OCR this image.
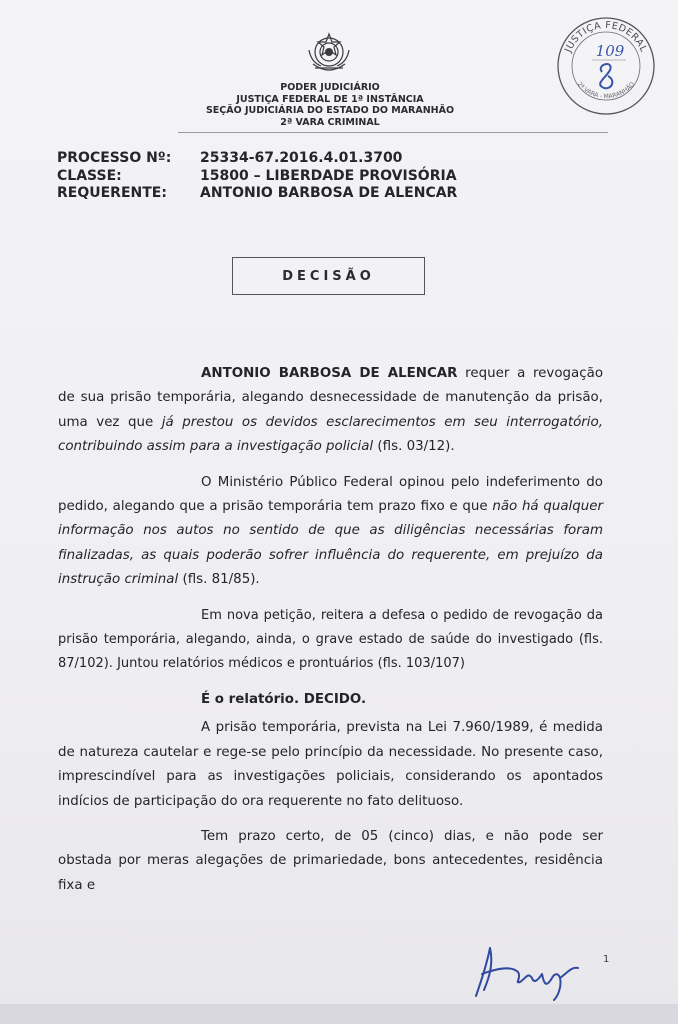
PODER JUDICIÁRIO
JUSTIÇA FEDERAL DE 1ª INSTÂNCIA
SEÇÃO JUDICIÁRIA DO ESTADO DO MARANHÃO
2ª VARA CRIMINAL
JUSTIÇA FEDERAL
2ª VARA - MARANHÃO
109
PROCESSO Nº:	25334-67.2016.4.01.3700
CLASSE:	15800 – LIBERDADE PROVISÓRIA
REQUERENTE:	ANTONIO BARBOSA DE ALENCAR
DECISÃO

ANTONIO BARBOSA DE ALENCAR requer a revogação de sua prisão temporária, alegando desnecessidade de manutenção da prisão, uma vez que já prestou os devidos esclarecimentos em seu interrogatório, contribuindo assim para a investigação policial (fls. 03/12).

O Ministério Público Federal opinou pelo indeferimento do pedido, alegando que a prisão temporária tem prazo fixo e que não há qualquer informação nos autos no sentido de que as diligências necessárias foram finalizadas, as quais poderão sofrer influência do requerente, em prejuízo da instrução criminal (fls. 81/85).

Em nova petição, reitera a defesa o pedido de revogação da prisão temporária, alegando, ainda, o grave estado de saúde do investigado (fls. 87/102). Juntou relatórios médicos e prontuários (fls. 103/107)

É o relatório. DECIDO.

A prisão temporária, prevista na Lei 7.960/1989, é medida de natureza cautelar e rege-se pelo princípio da necessidade. No presente caso, imprescindível para as investigações policiais, considerando os apontados indícios de participação do ora requerente no fato delituoso.

Tem prazo certo, de 05 (cinco) dias, e não pode ser obstada por meras alegações de primariedade, bons antecedentes, residência fixa e

1
